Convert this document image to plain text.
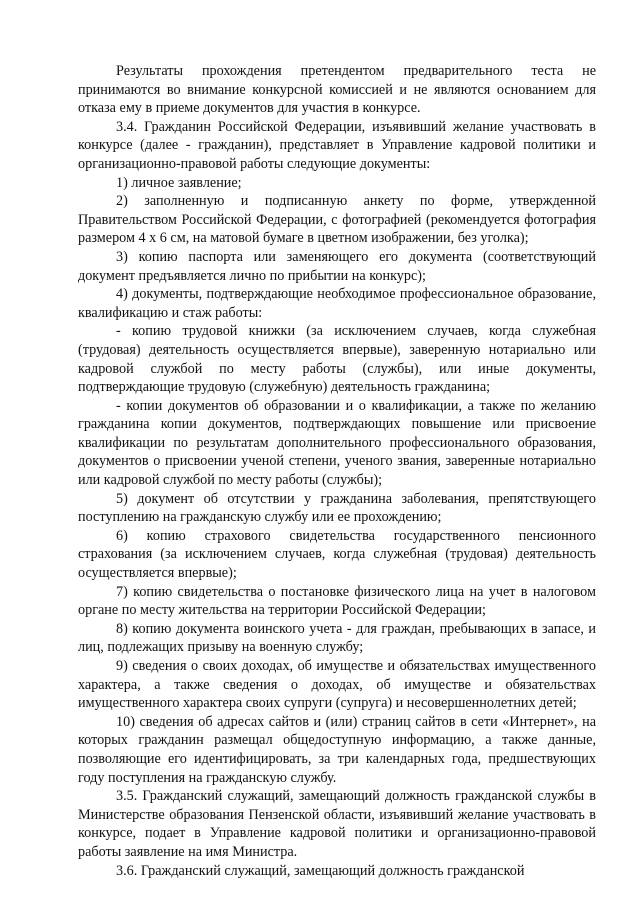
Результаты прохождения претендентом предварительного теста не принимаются во внимание конкурсной комиссией и не являются основанием для отказа ему в приеме документов для участия в конкурсе.

3.4. Гражданин Российской Федерации, изъявивший желание участвовать в конкурсе (далее - гражданин), представляет в Управление кадровой политики и организационно-правовой работы следующие документы:

1) личное заявление;

2) заполненную и подписанную анкету по форме, утвержденной Правительством Российской Федерации, с фотографией (рекомендуется фотография размером 4 х 6 см, на матовой бумаге в цветном изображении, без уголка);

3) копию паспорта или заменяющего его документа (соответствующий документ предъявляется лично по прибытии на конкурс);

4) документы, подтверждающие необходимое профессиональное образование, квалификацию и стаж работы:

- копию трудовой книжки (за исключением случаев, когда служебная (трудовая) деятельность осуществляется впервые), заверенную нотариально или кадровой службой по месту работы (службы), или иные документы, подтверждающие трудовую (служебную) деятельность гражданина;

- копии документов об образовании и о квалификации, а также по желанию гражданина копии документов, подтверждающих повышение или присвоение квалификации по результатам дополнительного профессионального образования, документов о присвоении ученой степени, ученого звания, заверенные нотариально или кадровой службой по месту работы (службы);

5) документ об отсутствии у гражданина заболевания, препятствующего поступлению на гражданскую службу или ее прохождению;

6) копию страхового свидетельства государственного пенсионного страхования (за исключением случаев, когда служебная (трудовая) деятельность осуществляется впервые);

7) копию свидетельства о постановке физического лица на учет в налоговом органе по месту жительства на территории Российской Федерации;

8) копию документа воинского учета - для граждан, пребывающих в запасе, и лиц, подлежащих призыву на военную службу;

9) сведения о своих доходах, об имуществе и обязательствах имущественного характера, а также сведения о доходах, об имуществе и обязательствах имущественного характера своих супруги (супруга) и несовершеннолетних детей;

10) сведения об адресах сайтов и (или) страниц сайтов в сети «Интернет», на которых гражданин размещал общедоступную информацию, а также данные, позволяющие его идентифицировать, за три календарных года, предшествующих году поступления на гражданскую службу.

3.5. Гражданский служащий, замещающий должность гражданской службы в Министерстве образования Пензенской области, изъявивший желание участвовать в конкурсе, подает в Управление кадровой политики и организационно-правовой работы заявление на имя Министра.

3.6. Гражданский служащий, замещающий должность гражданской
